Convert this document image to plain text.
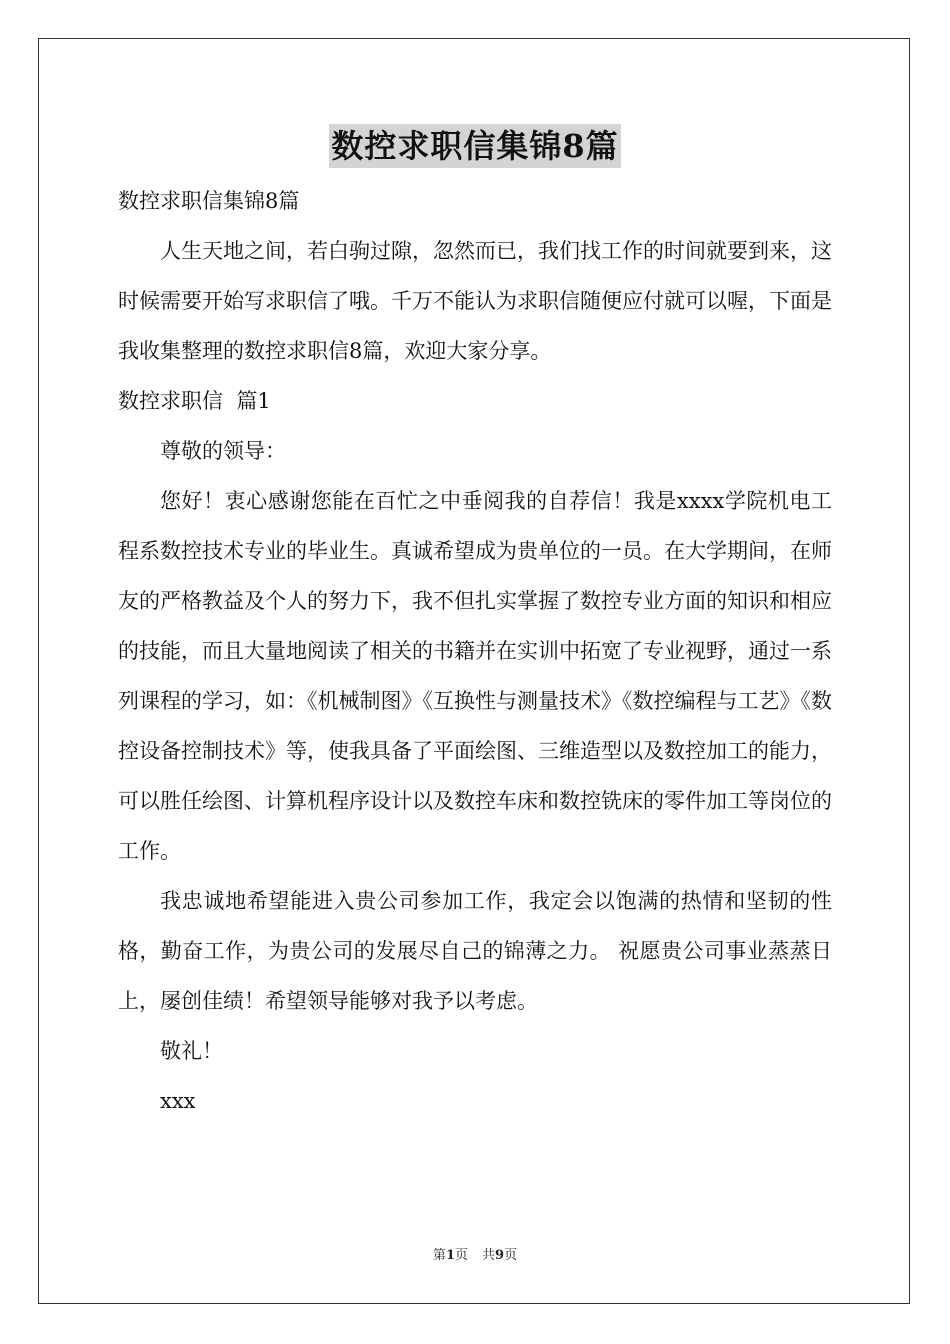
数控求职信集锦8篇

数控求职信集锦8篇

人生天地之间，若白驹过隙，忽然而已，我们找工作的时间就要到来，这时候需要开始写求职信了哦。千万不能认为求职信随便应付就可以喔，下面是我收集整理的数控求职信8篇，欢迎大家分享。

数控求职信  篇1

尊敬的领导：

您好！衷心感谢您能在百忙之中垂阅我的自荐信！我是xxxx学院机电工程系数控技术专业的毕业生。真诚希望成为贵单位的一员。在大学期间，在师友的严格教益及个人的努力下，我不但扎实掌握了数控专业方面的知识和相应的技能，而且大量地阅读了相关的书籍并在实训中拓宽了专业视野，通过一系列课程的学习，如：《机械制图》《互换性与测量技术》《数控编程与工艺》《数控设备控制技术》等，使我具备了平面绘图、三维造型以及数控加工的能力，可以胜任绘图、计算机程序设计以及数控车床和数控铣床的零件加工等岗位的工作。

我忠诚地希望能进入贵公司参加工作，我定会以饱满的热情和坚韧的性格，勤奋工作，为贵公司的发展尽自己的锦薄之力。 祝愿贵公司事业蒸蒸日上，屡创佳绩！希望领导能够对我予以考虑。

敬礼！

xxx

第1页 共9页
